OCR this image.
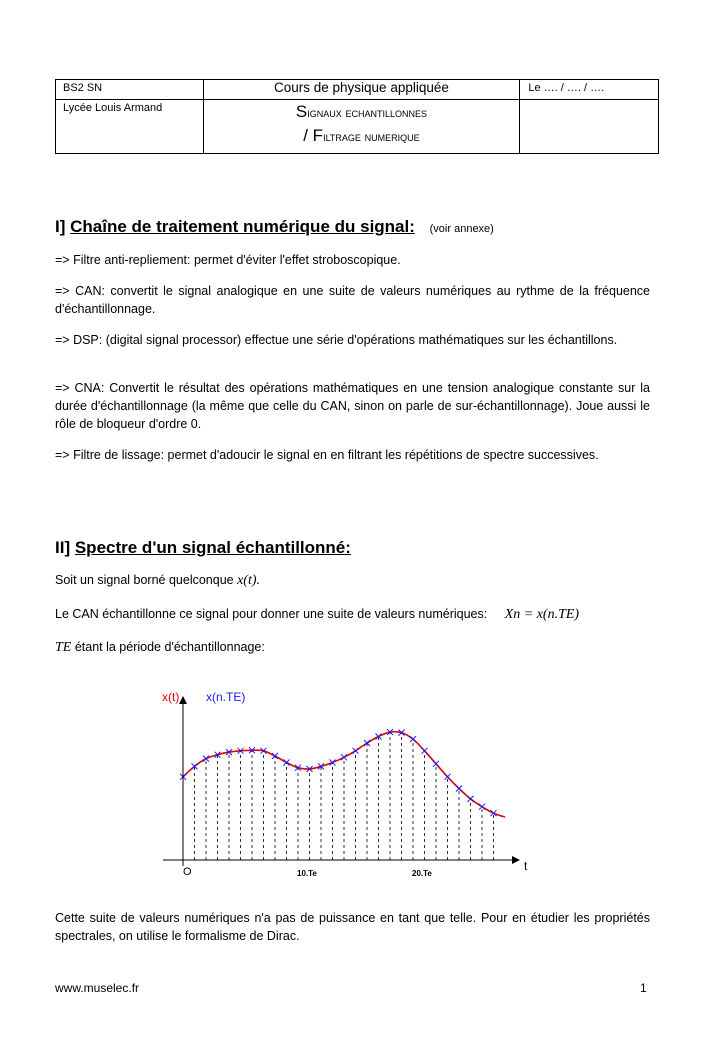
BS2 SN	Cours de physique appliquée	Le …. / …. / ….
Lycée Louis Armand	Signaux echantillonnes
/ Filtrage numerique	

I] Chaîne de traitement numérique du signal: (voir annexe)
=> Filtre anti-repliement: permet d'éviter l'effet stroboscopique.
=> CAN: convertit le signal analogique en une suite de valeurs numériques au rythme de la fréquence d'échantillonnage.
=> DSP: (digital signal processor) effectue une série d'opérations mathématiques sur les échantillons.
=> CNA: Convertit le résultat des opérations mathématiques en une tension analogique constante sur la durée d'échantillonnage (la même que celle du CAN, sinon on parle de sur-échantillonnage). Joue aussi le rôle de bloqueur d'ordre 0.
=> Filtre de lissage: permet d'adoucir le signal en en filtrant les répétitions de spectre successives.
II] Spectre d'un signal échantillonné:
Soit un signal borné quelconque x(t).
Le CAN échantillonne ce signal pour donner une suite de valeurs numériques: Xn = x(n.TE)
TE étant la période d'échantillonnage:
x(t) x(n.TE)
t
O	10.Te	20.Te
Cette suite de valeurs numériques n'a pas de puissance en tant que telle. Pour en étudier les propriétés spectrales, on utilise le formalisme de Dirac.
www.muselec.fr	1
